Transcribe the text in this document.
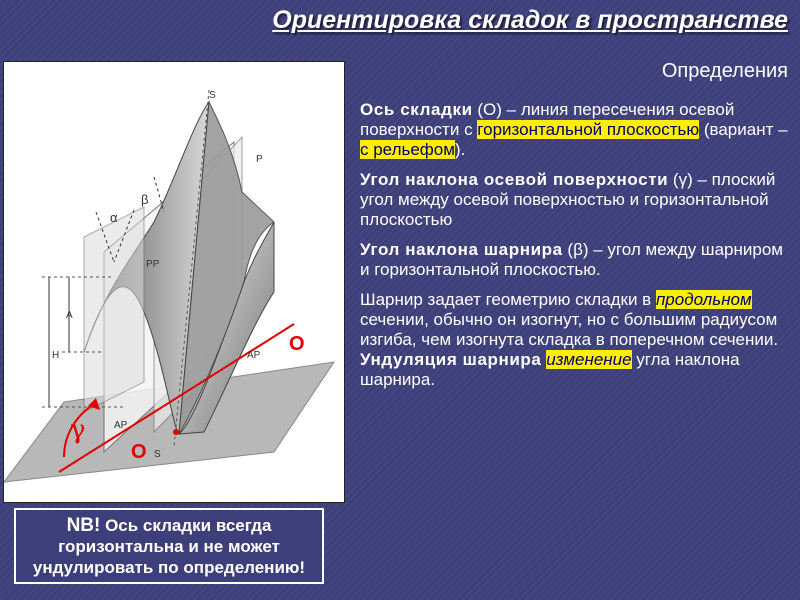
Ориентировка складок в пространстве
S
P
α
β
PP
A
H
AP
AP
S
γ
O
O
Определения

Ось складки (O) – линия пересечения осевой поверхности с горизонтальной плоскостью (вариант – с рельефом).

Угол наклона осевой поверхности (γ) – плоский угол между осевой поверхностью и горизонтальной плоскостью

Угол наклона шарнира (β) – угол между шарниром и горизонтальной плоскостью.

Шарнир задает геометрию складки в продольном сечении, обычно он изогнут, но с большим радиусом изгиба, чем изогнута складка в поперечном сечении.

Ундуляция шарнира изменение угла наклона шарнира.

NB! Ось складки всегда горизонтальна и не может ундулировать по определению!
